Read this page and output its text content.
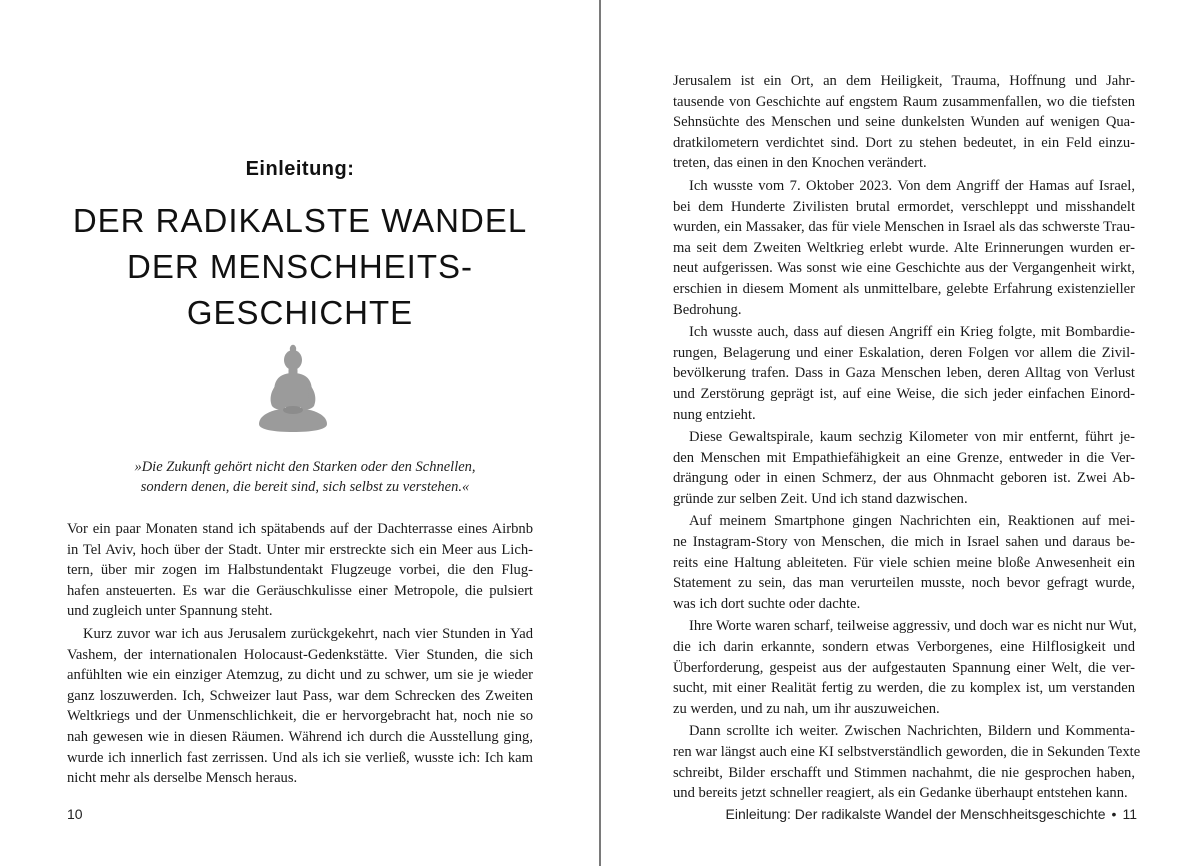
Einleitung:
DER RADIKALSTE WANDEL
DER MENSCHHEITS-
GESCHICHTE
»Die Zukunft gehört nicht den Starken oder den Schnellen,
sondern denen, die bereit sind, sich selbst zu verstehen.«
Vor ein paar Monaten stand ich spätabends auf der Dachterrasse eines Airbnb
in Tel Aviv, hoch über der Stadt. Unter mir erstreckte sich ein Meer aus Lich-
tern, über mir zogen im Halbstundentakt Flugzeuge vorbei, die den Flug-
hafen ansteuerten. Es war die Geräuschkulisse einer Metropole, die pulsiert
und zugleich unter Spannung steht.
Kurz zuvor war ich aus Jerusalem zurückgekehrt, nach vier Stunden in Yad
Vashem, der internationalen Holocaust-Gedenkstätte. Vier Stunden, die sich
anfühlten wie ein einziger Atemzug, zu dicht und zu schwer, um sie je wieder
ganz loszuwerden. Ich, Schweizer laut Pass, war dem Schrecken des Zweiten
Weltkriegs und der Unmenschlichkeit, die er hervorgebracht hat, noch nie so
nah gewesen wie in diesen Räumen. Während ich durch die Ausstellung ging,
wurde ich innerlich fast zerrissen. Und als ich sie verließ, wusste ich: Ich kam
nicht mehr als derselbe Mensch heraus.
10
Jerusalem ist ein Ort, an dem Heiligkeit, Trauma, Hoffnung und Jahr-
tausende von Geschichte auf engstem Raum zusammenfallen, wo die tiefsten
Sehnsüchte des Menschen und seine dunkelsten Wunden auf wenigen Qua-
dratkilometern verdichtet sind. Dort zu stehen bedeutet, in ein Feld einzu-
treten, das einen in den Knochen verändert.
Ich wusste vom 7. Oktober 2023. Von dem Angriff der Hamas auf Israel,
bei dem Hunderte Zivilisten brutal ermordet, verschleppt und misshandelt
wurden, ein Massaker, das für viele Menschen in Israel als das schwerste Trau-
ma seit dem Zweiten Weltkrieg erlebt wurde. Alte Erinnerungen wurden er-
neut aufgerissen. Was sonst wie eine Geschichte aus der Vergangenheit wirkt,
erschien in diesem Moment als unmittelbare, gelebte Erfahrung existenzieller
Bedrohung.
Ich wusste auch, dass auf diesen Angriff ein Krieg folgte, mit Bombardie-
rungen, Belagerung und einer Eskalation, deren Folgen vor allem die Zivil-
bevölkerung trafen. Dass in Gaza Menschen leben, deren Alltag von Verlust
und Zerstörung geprägt ist, auf eine Weise, die sich jeder einfachen Einord-
nung entzieht.
Diese Gewaltspirale, kaum sechzig Kilometer von mir entfernt, führt je-
den Menschen mit Empathiefähigkeit an eine Grenze, entweder in die Ver-
drängung oder in einen Schmerz, der aus Ohnmacht geboren ist. Zwei Ab-
gründe zur selben Zeit. Und ich stand dazwischen.
Auf meinem Smartphone gingen Nachrichten ein, Reaktionen auf mei-
ne Instagram-Story von Menschen, die mich in Israel sahen und daraus be-
reits eine Haltung ableiteten. Für viele schien meine bloße Anwesenheit ein
Statement zu sein, das man verurteilen musste, noch bevor gefragt wurde,
was ich dort suchte oder dachte.
Ihre Worte waren scharf, teilweise aggressiv, und doch war es nicht nur Wut,
die ich darin erkannte, sondern etwas Verborgenes, eine Hilflosigkeit und
Überforderung, gespeist aus der aufgestauten Spannung einer Welt, die ver-
sucht, mit einer Realität fertig zu werden, die zu komplex ist, um verstanden
zu werden, und zu nah, um ihr auszuweichen.
Dann scrollte ich weiter. Zwischen Nachrichten, Bildern und Kommenta-
ren war längst auch eine KI selbstverständlich geworden, die in Sekunden Texte
schreibt, Bilder erschafft und Stimmen nachahmt, die nie gesprochen haben,
und bereits jetzt schneller reagiert, als ein Gedanke überhaupt entstehen kann.
Einleitung: Der radikalste Wandel der Menschheitsgeschichte • 11
